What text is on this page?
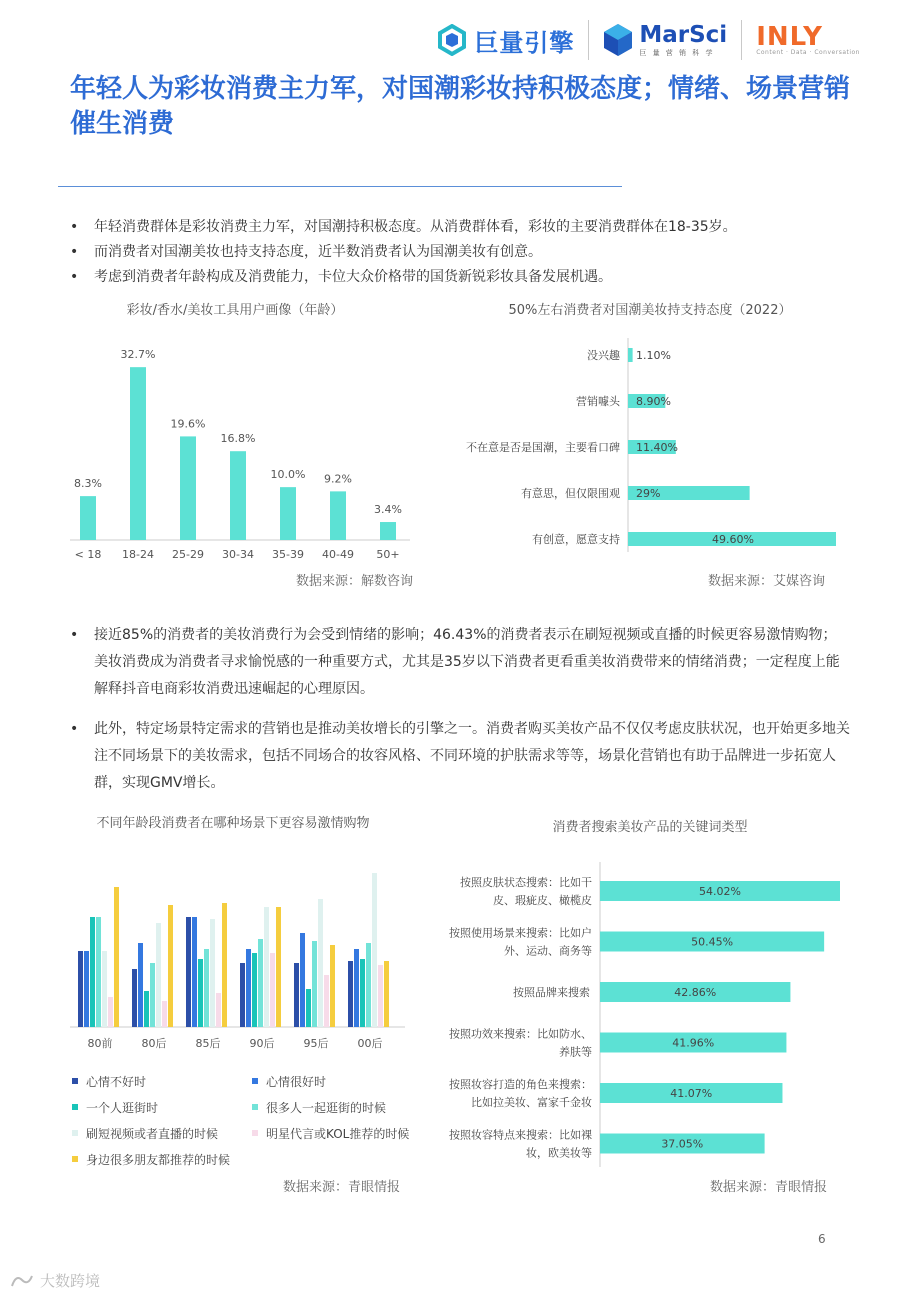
巨量引擎	MarSci
巨 量 营 销 科 学
INLY
Content · Data · Conversation
年轻人为彩妆消费主力军，对国潮彩妆持积极态度；情绪、场景营销催生消费
• 年轻消费群体是彩妆消费主力军，对国潮持积极态度。从消费群体看，彩妆的主要消费群体在18-35岁。
• 而消费者对国潮美妆也持支持态度，近半数消费者认为国潮美妆有创意。
• 考虑到消费者年龄构成及消费能力，卡位大众价格带的国货新锐彩妆具备发展机遇。
彩妆/香水/美妆工具用户画像（年龄）
8.3%
< 18
32.7%
18-24
19.6%
25-29
16.8%
30-34
10.0%
35-39
9.2%
40-49
3.4%
50+
数据来源：解数咨询
50%左右消费者对国潮美妆持支持态度（2022）
没兴趣 1.10%
营销噱头 8.90%
不在意是否是国潮，主要看口碑 11.40%
有意思，但仅限围观 29%
有创意，愿意支持	49.60%
数据来源：艾媒咨询
• 接近85%的消费者的美妆消费行为会受到情绪的影响；46.43%的消费者表示在刷短视频或直播的时候更容易激情购物；美妆消费成为消费者寻求愉悦感的一种重要方式，尤其是35岁以下消费者更看重美妆消费带来的情绪消费；一定程度上能解释抖音电商彩妆消费迅速崛起的心理原因。
• 此外，特定场景特定需求的营销也是推动美妆增长的引擎之一。消费者购买美妆产品不仅仅考虑皮肤状况，也开始更多地关注不同场景下的美妆需求，包括不同场合的妆容风格、不同环境的护肤需求等等，场景化营销也有助于品牌进一步拓宽人群，实现GMV增长。
不同年龄段消费者在哪种场景下更容易激情购物
80前	80后	85后	90后	95后	00后
心情不好时	心情很好时
一个人逛街时	很多人一起逛街的时候
刷短视频或者直播的时候	明星代言或KOL推荐的时候
身边很多朋友都推荐的时候
数据来源：青眼情报
消费者搜索美妆产品的关键词类型
54.02%
按照皮肤状态搜索：比如干皮、瑕疵皮、橄榄皮
50.45%
按照使用场景来搜索：比如户外、运动、商务等
42.86%
按照品牌来搜索
41.96%
按照功效来搜索：比如防水、养肤等
41.07%
按照妆容打造的角色来搜索：比如拉美妆、富家千金妆
37.05%
按照妆容特点来搜索：比如裸妆，欧美妆等
数据来源：青眼情报
6
大数跨境
